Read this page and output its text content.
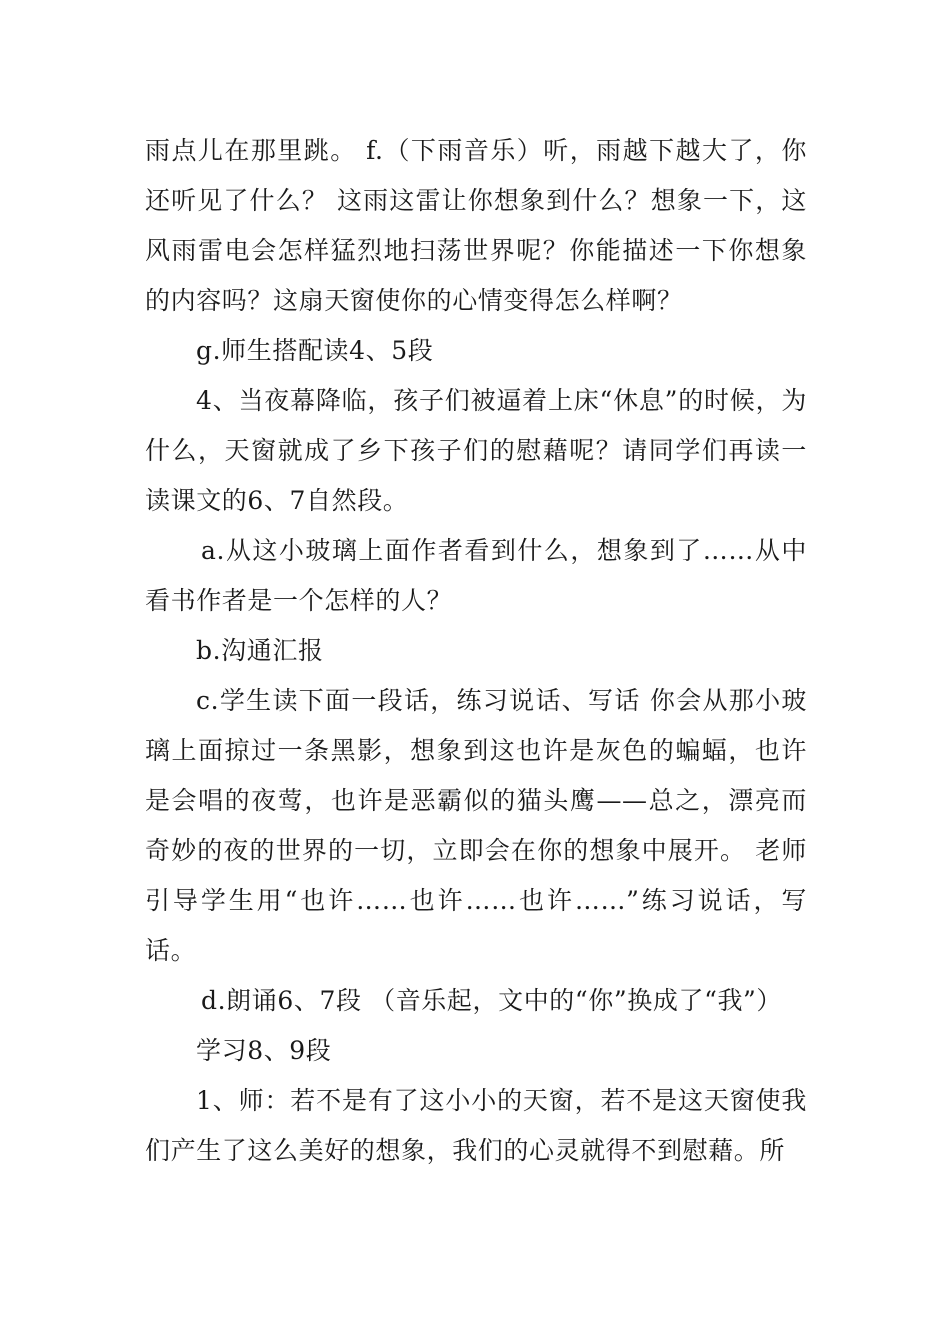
雨点儿在那里跳。 f.（下雨音乐）听，雨越下越大了，你还听见了什么？ 这雨这雷让你想象到什么？想象一下，这风雨雷电会怎样猛烈地扫荡世界呢？你能描述一下你想象的内容吗？这扇天窗使你的心情变得怎么样啊？

g.师生搭配读4、5段

4、当夜幕降临，孩子们被逼着上床“休息”的时候，为什么，天窗就成了乡下孩子们的慰藉呢？请同学们再读一读课文的6、7自然段。

a.从这小玻璃上面作者看到什么，想象到了……从中看书作者是一个怎样的人？

b.沟通汇报

c.学生读下面一段话，练习说话、写话 你会从那小玻璃上面掠过一条黑影，想象到这也许是灰色的蝙蝠，也许是会唱的夜莺，也许是恶霸似的猫头鹰——总之，漂亮而奇妙的夜的世界的一切，立即会在你的想象中展开。 老师引导学生用“也许……也许……也许……”练习说话，写话。

d.朗诵6、7段 （音乐起，文中的“你”换成了“我”）

学习8、9段

1、师：若不是有了这小小的天窗，若不是这天窗使我们产生了这么美好的想象，我们的心灵就得不到慰藉。所
